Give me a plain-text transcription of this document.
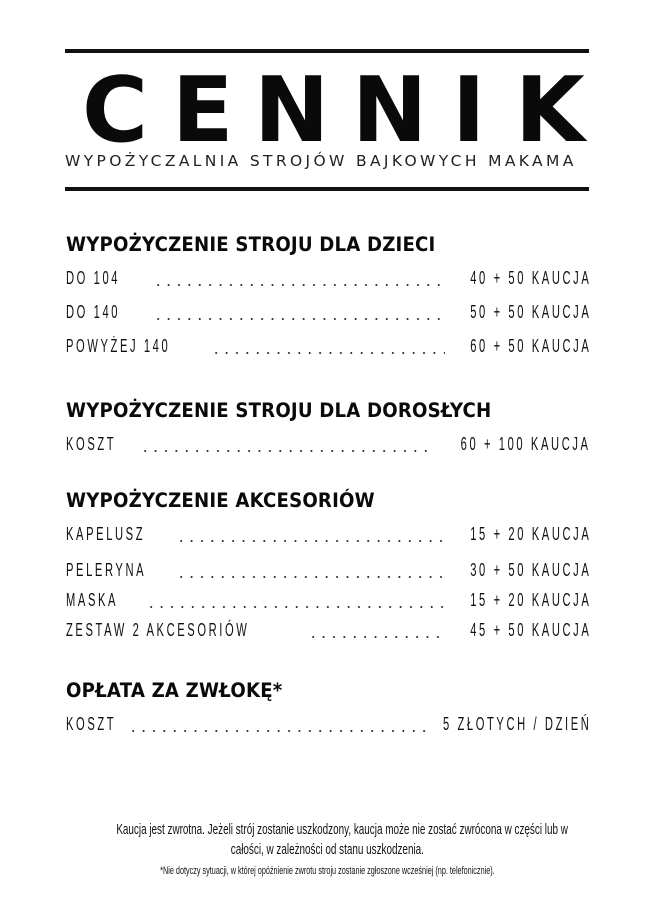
C E N N I K
WYPOŻYCZALNIA STROJÓW BAJKOWYCH MAKAMA
WYPOŻYCZENIE STROJU DLA DZIECI
DO 104	40 + 50 KAUCJA
DO 140	50 + 50 KAUCJA
POWYŻEJ 140	60 + 50 KAUCJA
WYPOŻYCZENIE STROJU DLA DOROSŁYCH
KOSZT	60 + 100 KAUCJA
WYPOŻYCZENIE AKCESORIÓW
KAPELUSZ	15 + 20 KAUCJA
PELERYNA	30 + 50 KAUCJA
MASKA	15 + 20 KAUCJA
ZESTAW 2 AKCESORIÓW	45 + 50 KAUCJA
OPŁATA ZA ZWŁOKĘ*
KOSZT	5 ZŁOTYCH / DZIEŃ
Kaucja jest zwrotna. Jeżeli strój zostanie uszkodzony, kaucja może nie zostać zwrócona w części lub w
całości, w zależności od stanu uszkodzenia.
*Nie dotyczy sytuacji, w której opóźnienie zwrotu stroju zostanie zgłoszone wcześniej (np. telefonicznie).
